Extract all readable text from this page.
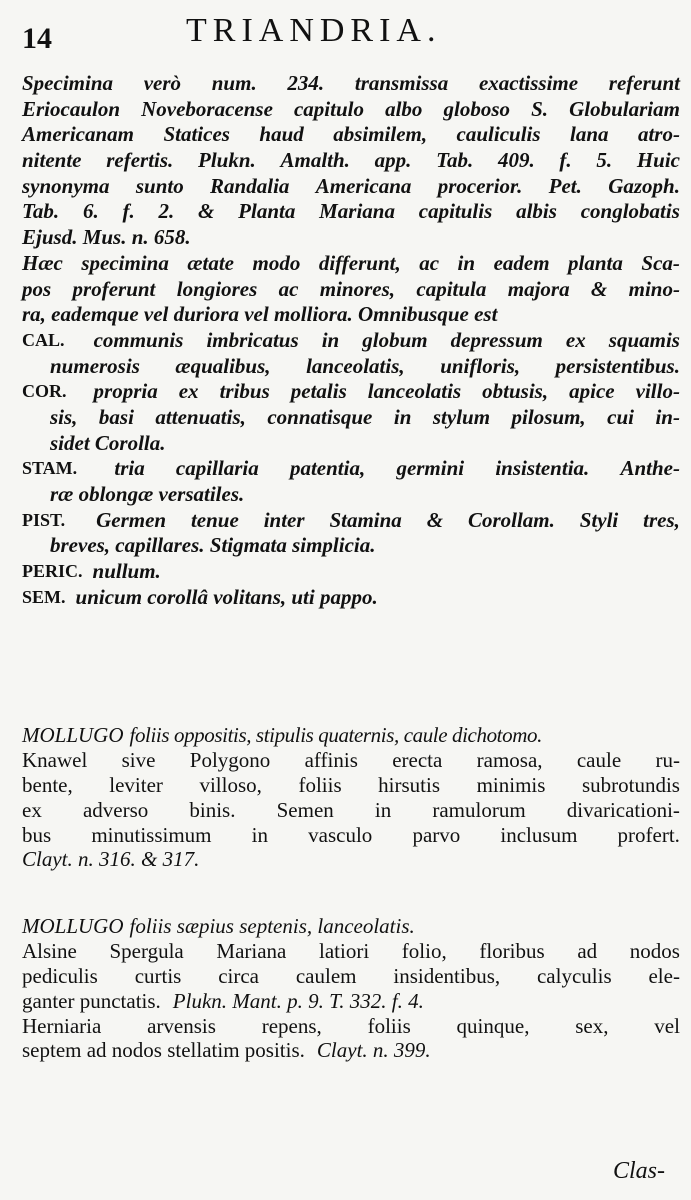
14	TRIANDRIA.
Specimina verò num. 234. transmissa exactissime referunt
Eriocaulon Noveboracense capitulo albo globoso S. Globulariam
Americanam Statices haud absimilem, cauliculis lana atro-
nitente refertis. Plukn. Amalth. app. Tab. 409. f. 5. Huic
synonyma sunto Randalia Americana procerior. Pet. Gazoph.
Tab. 6. f. 2. & Planta Mariana capitulis albis conglobatis
Ejusd. Mus. n. 658.
Hæc specimina ætate modo differunt, ac in eadem planta Sca-
pos proferunt longiores ac minores, capitula majora & mino-
ra, eademque vel duriora vel molliora. Omnibusque est
CAL. communis imbricatus in globum depressum ex squamis
numerosis æqualibus, lanceolatis, unifloris, persistentibus.
COR. propria ex tribus petalis lanceolatis obtusis, apice villo-
sis, basi attenuatis, connatisque in stylum pilosum, cui in-
sidet Corolla.
STAM. tria capillaria patentia, germini insistentia. Anthe-
ræ oblongæ versatiles.
PIST. Germen tenue inter Stamina & Corollam. Styli tres,
breves, capillares. Stigmata simplicia.
PERIC. nullum.
SEM. unicum corollâ volitans, uti pappo.
MOLLUGO foliis oppositis, stipulis quaternis, caule dichotomo.
Knawel sive Polygono affinis erecta ramosa, caule ru-
bente, leviter villoso, foliis hirsutis minimis subrotundis
ex adverso binis. Semen in ramulorum divaricationi-
bus minutissimum in vasculo parvo inclusum profert.
Clayt. n. 316. & 317.
MOLLUGO foliis sæpius septenis, lanceolatis.
Alsine Spergula Mariana latiori folio, floribus ad nodos
pediculis curtis circa caulem insidentibus, calyculis ele-
ganter punctatis. Plukn. Mant. p. 9. T. 332. f. 4.
Herniaria arvensis repens, foliis quinque, sex, vel
septem ad nodos stellatim positis. Clayt. n. 399.
Clas-
